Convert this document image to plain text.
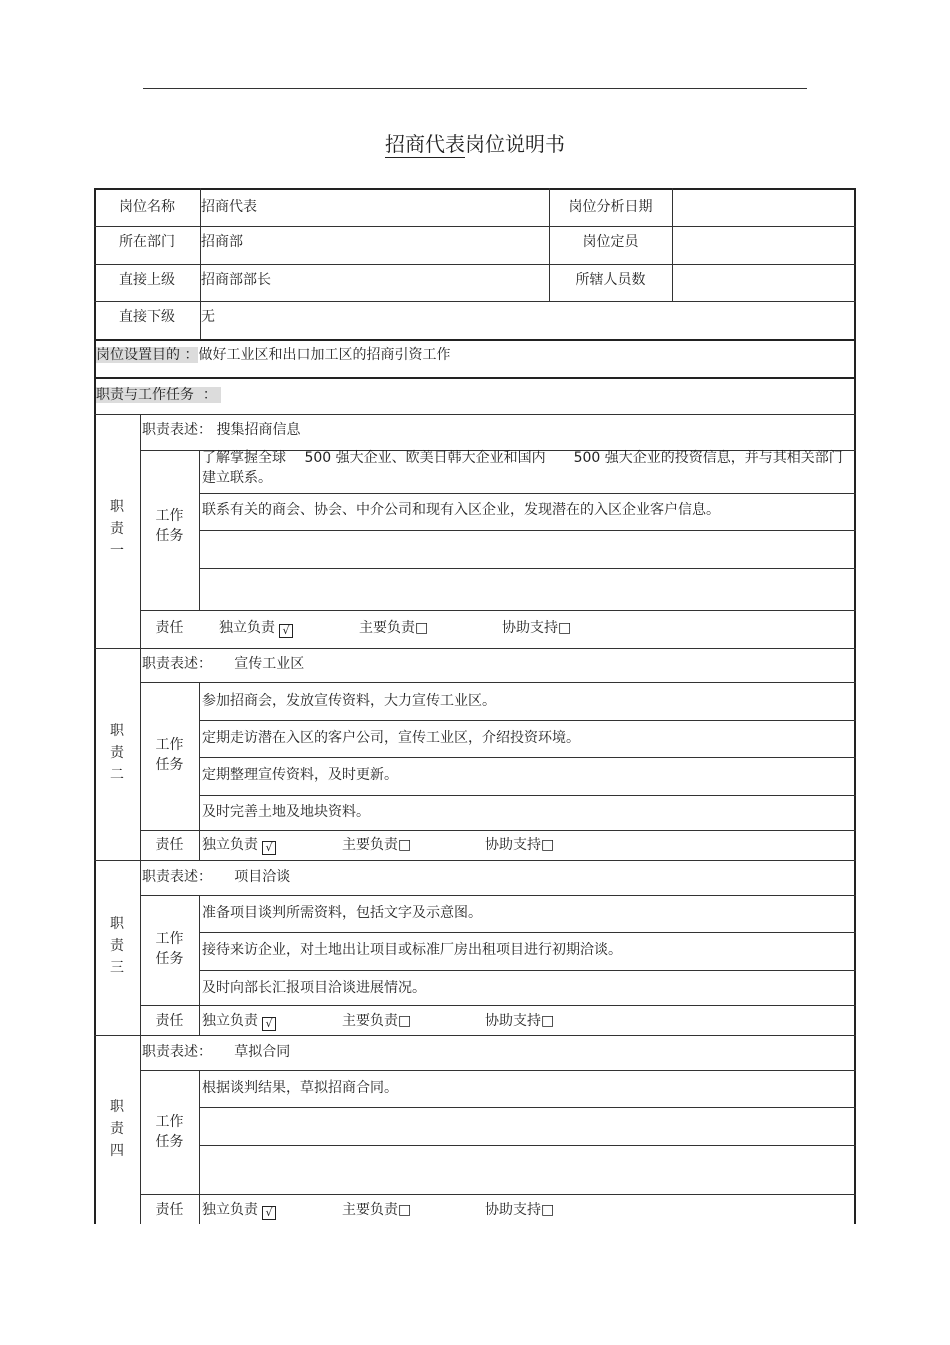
招商代表岗位说明书
岗位名称	招商代表	岗位分析日期
所在部门	招商部	岗位定员
直接上级	招商部部长	所辖人员数
直接下级	无
岗位设置目的 ：做好工业区和出口加工区的招商引资工作
职责与工作任务 ：
职
责
一
职责表述： 搜集招商信息
工作
任务
了解掌握全球　 500 强大企业、欧美日韩大企业和国内　　500 强大企业的投资信息，并与其相关部门建立联系。
联系有关的商会、协会、中介公司和现有入区企业，发现潜在的入区企业客户信息。
责任	独立负责 √	主要负责□	协助支持□
职
责
二
职责表述： 宣传工业区
工作
任务
参加招商会，发放宣传资料，大力宣传工业区。
定期走访潜在入区的客户公司，宣传工业区，介绍投资环境。
定期整理宣传资料，及时更新。
及时完善土地及地块资料。
责任	独立负责 √	主要负责□	协助支持□
职
责
三
职责表述： 项目洽谈
工作
任务
准备项目谈判所需资料，包括文字及示意图。
接待来访企业，对土地出让项目或标准厂房出租项目进行初期洽谈。
及时向部长汇报项目洽谈进展情况。
责任	独立负责 √	主要负责□	协助支持□
职
责
四
职责表述： 草拟合同
工作
任务
根据谈判结果，草拟招商合同。
责任	独立负责 √	主要负责□	协助支持□
